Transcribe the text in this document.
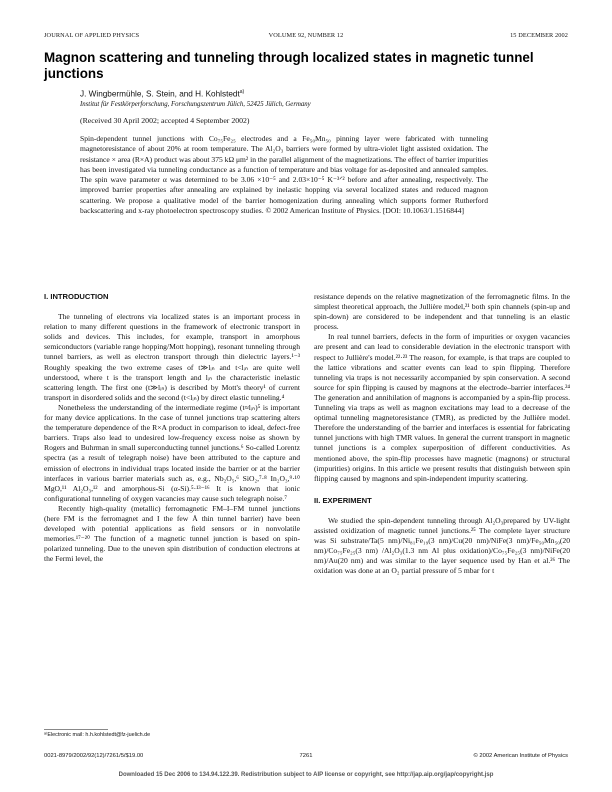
JOURNAL OF APPLIED PHYSICS	VOLUME 92, NUMBER 12	15 DECEMBER 2002
Magnon scattering and tunneling through localized states in magnetic tunnel junctions
J. Wingbermühle, S. Stein, and H. Kohlstedt$^{a)}$
Institut für Festkörperforschung, Forschungszentrum Jülich, 52425 Jülich, Germany
(Received 30 April 2002; accepted 4 September 2002)

Spin-dependent tunnel junctions with Co₇₅Fe₂₅ electrodes and a Fe₅₀Mn₅₀ pinning layer were fabricated with tunneling magnetoresistance of about 20% at room temperature. The Al₂O₃ barriers were formed by ultra-violet light assisted oxidation. The resistance × area (R×A) product was about 375 kΩ μm² in the parallel alignment of the magnetizations. The effect of barrier impurities has been investigated via tunneling conductance as a function of temperature and bias voltage for as-deposited and annealed samples. The spin wave parameter α was determined to be 3.06 ×10⁻⁵ and 2.03×10⁻⁵ K⁻³ᐟ² before and after annealing, respectively. The improved barrier properties after annealing are explained by inelastic hopping via several localized states and reduced magnon scattering. We propose a qualitative model of the barrier homogenization during annealing which supports former Rutherford backscattering and x-ray photoelectron spectroscopy studies. © 2002 American Institute of Physics. [DOI: 10.1063/1.1516844]

I. INTRODUCTION

The tunneling of electrons via localized states is an important process in relation to many different questions in the framework of electronic transport in solids and devices. This includes, for example, transport in amorphous semiconductors (variable range hopping/Mott hopping), resonant tunneling through tunnel barriers, as well as electron transport through thin dielectric layers.¹⁻³ Roughly speaking the two extreme cases of t≫lᵢₙ and t<lᵢₙ are quite well understood, where t is the transport length and lᵢₙ the characteristic inelastic scattering length. The first one (t≫lᵢₙ) is described by Mott's theory¹ of current transport in disordered solids and the second (t<lᵢₙ) by direct elastic tunneling.⁴

Nonetheless the understanding of the intermediate regime (t≈lᵢₙ)⁵ is important for many device applications. In the case of tunnel junctions trap scattering alters the temperature dependence of the R×A product in comparison to ideal, defect-free barriers. Traps also lead to undesired low-frequency excess noise as shown by Rogers and Buhrman in small superconducting tunnel junctions.⁶ So-called Lorentz spectra (as a result of telegraph noise) have been attributed to the capture and emission of electrons in individual traps located inside the barrier or at the barrier interfaces in various barrier materials such as, e.g., Nb₂O₅,⁶ SiO₂,⁷·⁸ In₂O₃,⁹·¹⁰ MgO,¹¹ Al₂O₃,¹² and amorphous-Si (α-Si).⁵·¹³⁻¹⁶ It is known that ionic configurational tunneling of oxygen vacancies may cause such telegraph noise.⁷

Recently high-quality (metallic) ferromagnetic FM–I–FM tunnel junctions (here FM is the ferromagnet and I the few Å thin tunnel barrier) have been developed with potential applications as field sensors or in nonvolatile memories.¹⁷⁻²⁰ The function of a magnetic tunnel junction is based on spin-polarized tunneling. Due to the uneven spin distribution of conduction electrons at the Fermi level, the

resistance depends on the relative magnetization of the ferromagnetic films. In the simplest theoretical approach, the Jullière model,²¹ both spin channels (spin-up and spin-down) are considered to be independent and that tunneling is an elastic process.

In real tunnel barriers, defects in the form of impurities or oxygen vacancies are present and can lead to considerable deviation in the electronic transport with respect to Jullière's model.²²·²³ The reason, for example, is that traps are coupled to the lattice vibrations and scatter events can lead to spin flipping. Therefore tunneling via traps is not necessarily accompanied by spin conservation. A second source for spin flipping is caused by magnons at the electrode–barrier interfaces.²⁴ The generation and annihilation of magnons is accompanied by a spin-flip process. Tunneling via traps as well as magnon excitations may lead to a decrease of the optimal tunneling magnetoresistance (TMR), as predicted by the Jullière model. Therefore the understanding of the barrier and interfaces is essential for fabricating tunnel junctions with high TMR values. In general the current transport in magnetic tunnel junctions is a complex superposition of different conductivities. As mentioned above, the spin-flip processes have magnetic (magnons) or structural (impurities) origins. In this article we present results that distinguish between spin flipping caused by magnons and spin-independent impurity scattering.

II. EXPERIMENT

We studied the spin-dependent tunneling through Al₂O₃prepared by UV-light assisted oxidization of magnetic tunnel junctions.²⁵ The complete layer structure was Si substrate/Ta(5 nm)/Ni₈₁Fe₁₉(3 nm)/Cu(20 nm)/NiFe(3 nm)/Fe₅₀Mn₅₀(20 nm)/Co₇₅Fe₂₅(3 nm) /Al₂O₃(1.3 nm Al plus oxidation)/Co₇₅Fe₂₅(3 nm)/NiFe(20 nm)/Au(20 nm) and was similar to the layer sequence used by Han et al.²⁶ The oxidation was done at an O₂ partial pressure of 5 mbar for t

ᵃ⁾Electronic mail: h.h.kohlstedt@fz-juelich.de
0021-8979/2002/92(12)/7261/5/$19.00	7261	© 2002 American Institute of Physics
Downloaded 15 Dec 2006 to 134.94.122.39. Redistribution subject to AIP license or copyright, see http://jap.aip.org/jap/copyright.jsp
